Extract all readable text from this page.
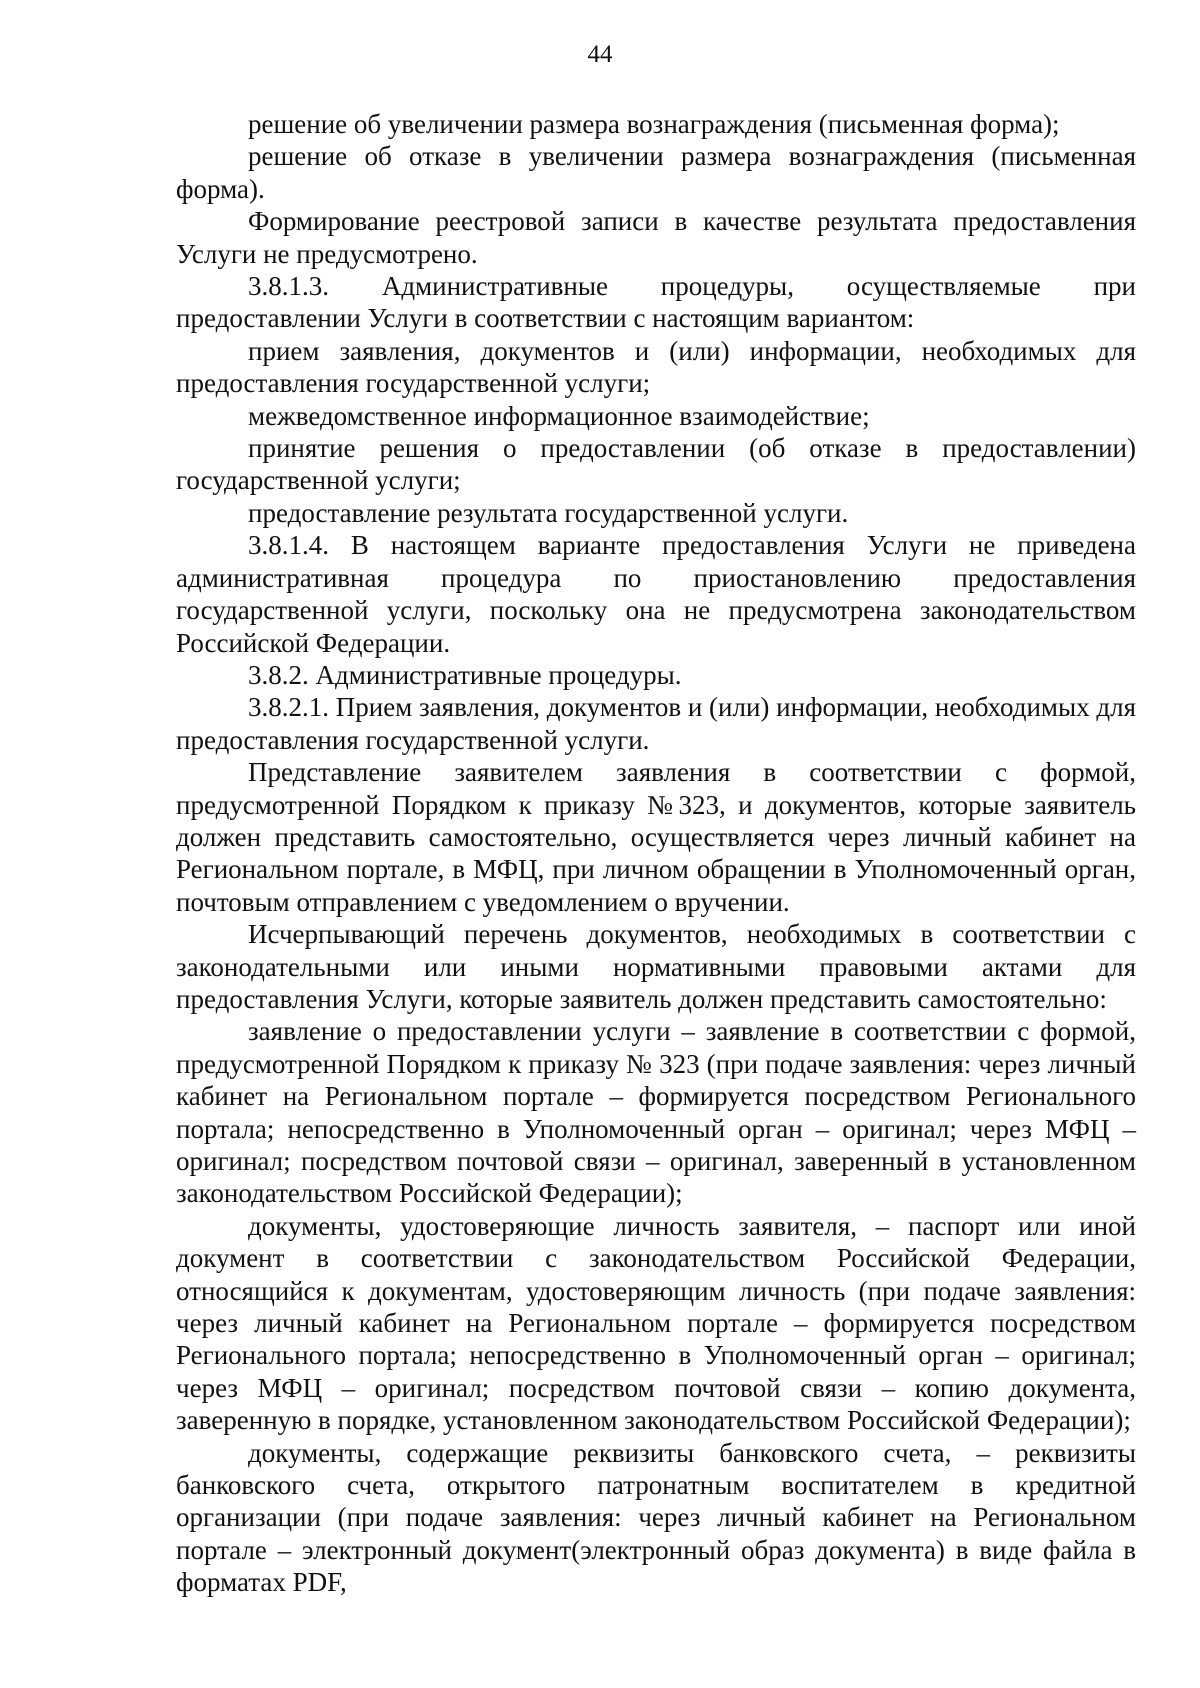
44

решение об увеличении размера вознаграждения (письменная форма);

решение об отказе в увеличении размера вознаграждения (письменная форма).

Формирование реестровой записи в качестве результата предоставления Услуги не предусмотрено.

3.8.1.3. Административные процедуры, осуществляемые при предоставлении Услуги в соответствии с настоящим вариантом:

прием заявления, документов и (или) информации, необходимых для предоставления государственной услуги;

межведомственное информационное взаимодействие;

принятие решения о предоставлении (об отказе в предоставлении) государственной услуги;

предоставление результата государственной услуги.

3.8.1.4. В настоящем варианте предоставления Услуги не приведена административная процедура по приостановлению предоставления государственной услуги, поскольку она не предусмотрена законодательством Российской Федерации.

3.8.2. Административные процедуры.

3.8.2.1. Прием заявления, документов и (или) информации, необходимых для предоставления государственной услуги.

Представление заявителем заявления в соответствии с формой, предусмотренной Порядком к приказу №323, и документов, которые заявитель должен представить самостоятельно, осуществляется через личный кабинет на Региональном портале, в МФЦ, при личном обращении в Уполномоченный орган, почтовым отправлением с уведомлением о вручении.

Исчерпывающий перечень документов, необходимых в соответствии с законодательными или иными нормативными правовыми актами для предоставления Услуги, которые заявитель должен представить самостоятельно:

заявление о предоставлении услуги – заявление в соответствии с формой, предусмотренной Порядком к приказу № 323 (при подаче заявления: через личный кабинет на Региональном портале – формируется посредством Регионального портала; непосредственно в Уполномоченный орган – оригинал; через МФЦ – оригинал; посредством почтовой связи – оригинал, заверенный в установленном законодательством Российской Федерации);

документы, удостоверяющие личность заявителя, – паспорт или иной документ в соответствии с законодательством Российской Федерации, относящийся к документам, удостоверяющим личность (при подаче заявления: через личный кабинет на Региональном портале – формируется посредством Регионального портала; непосредственно в Уполномоченный орган – оригинал; через МФЦ – оригинал; посредством почтовой связи – копию документа, заверенную в порядке, установленном законодательством Российской Федерации);

документы, содержащие реквизиты банковского счета, – реквизиты банковского счета, открытого патронатным воспитателем в кредитной организации (при подаче заявления: через личный кабинет на Региональном портале – электронный документ(электронный образ документа) в виде файла в форматах PDF,
